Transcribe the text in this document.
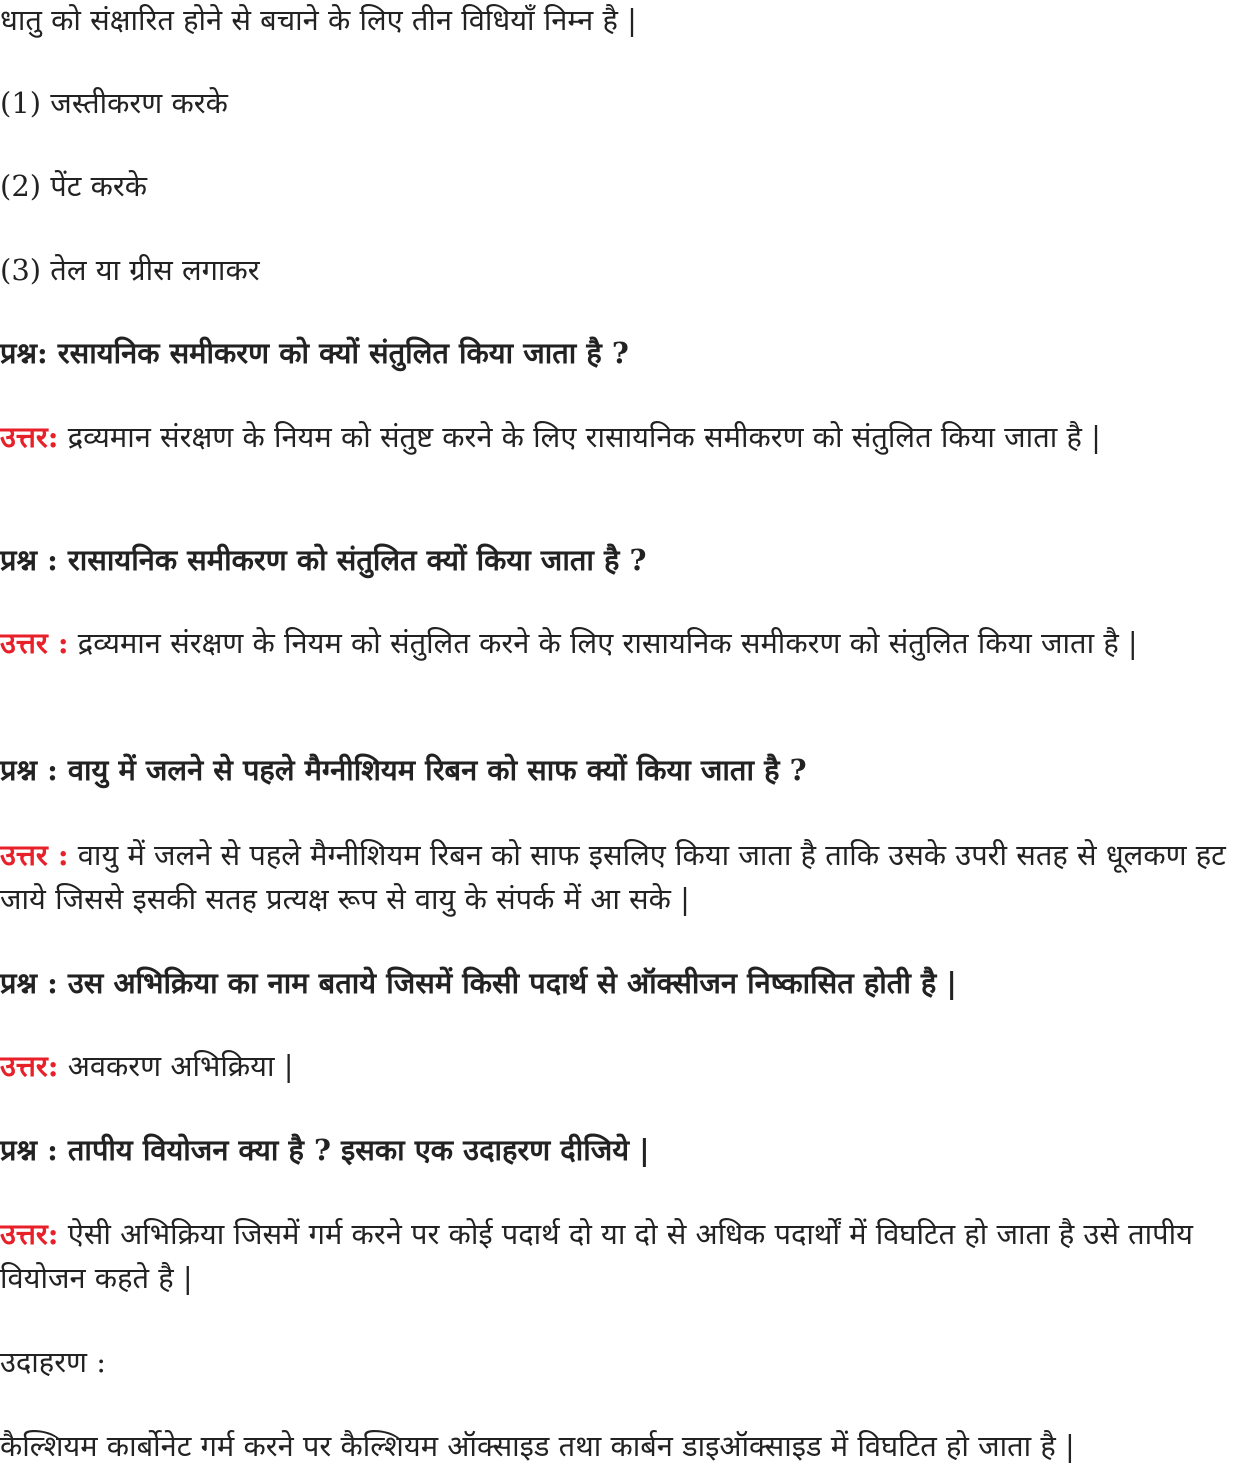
धातु को संक्षारित होने से बचाने के लिए तीन विधियाँ निम्न है |
(1) जस्तीकरण करके
(2) पेंट करके
(3) तेल या ग्रीस लगाकर
प्रश्न: रसायनिक समीकरण को क्यों संतुलित किया जाता है ?
उत्तर: द्रव्यमान संरक्षण के नियम को संतुष्ट करने के लिए रासायनिक समीकरण को संतुलित किया जाता है |
प्रश्न : रासायनिक समीकरण को संतुलित क्यों किया जाता है ?
उत्तर : द्रव्यमान संरक्षण के नियम को संतुलित करने के लिए रासायनिक समीकरण को संतुलित किया जाता है |
प्रश्न : वायु में जलने से पहले मैग्नीशियम रिबन को साफ क्यों किया जाता है ?
उत्तर : वायु में जलने से पहले मैग्नीशियम रिबन को साफ इसलिए किया जाता है ताकि उसके उपरी सतह से धूलकण हट जाये जिससे इसकी सतह प्रत्यक्ष रूप से वायु के संपर्क में आ सके |
प्रश्न : उस अभिक्रिया का नाम बताये जिसमें किसी पदार्थ से ऑक्सीजन निष्कासित होती है |
उत्तर: अवकरण अभिक्रिया |
प्रश्न : तापीय वियोजन क्या है ? इसका एक उदाहरण दीजिये |
उत्तर: ऐसी अभिक्रिया जिसमें गर्म करने पर कोई पदार्थ दो या दो से अधिक पदार्थों में विघटित हो जाता है उसे तापीय वियोजन कहते है |
उदाहरण :
कैल्शियम कार्बोनेट गर्म करने पर कैल्शियम ऑक्साइड तथा कार्बन डाइऑक्साइड में विघटित हो जाता है |
